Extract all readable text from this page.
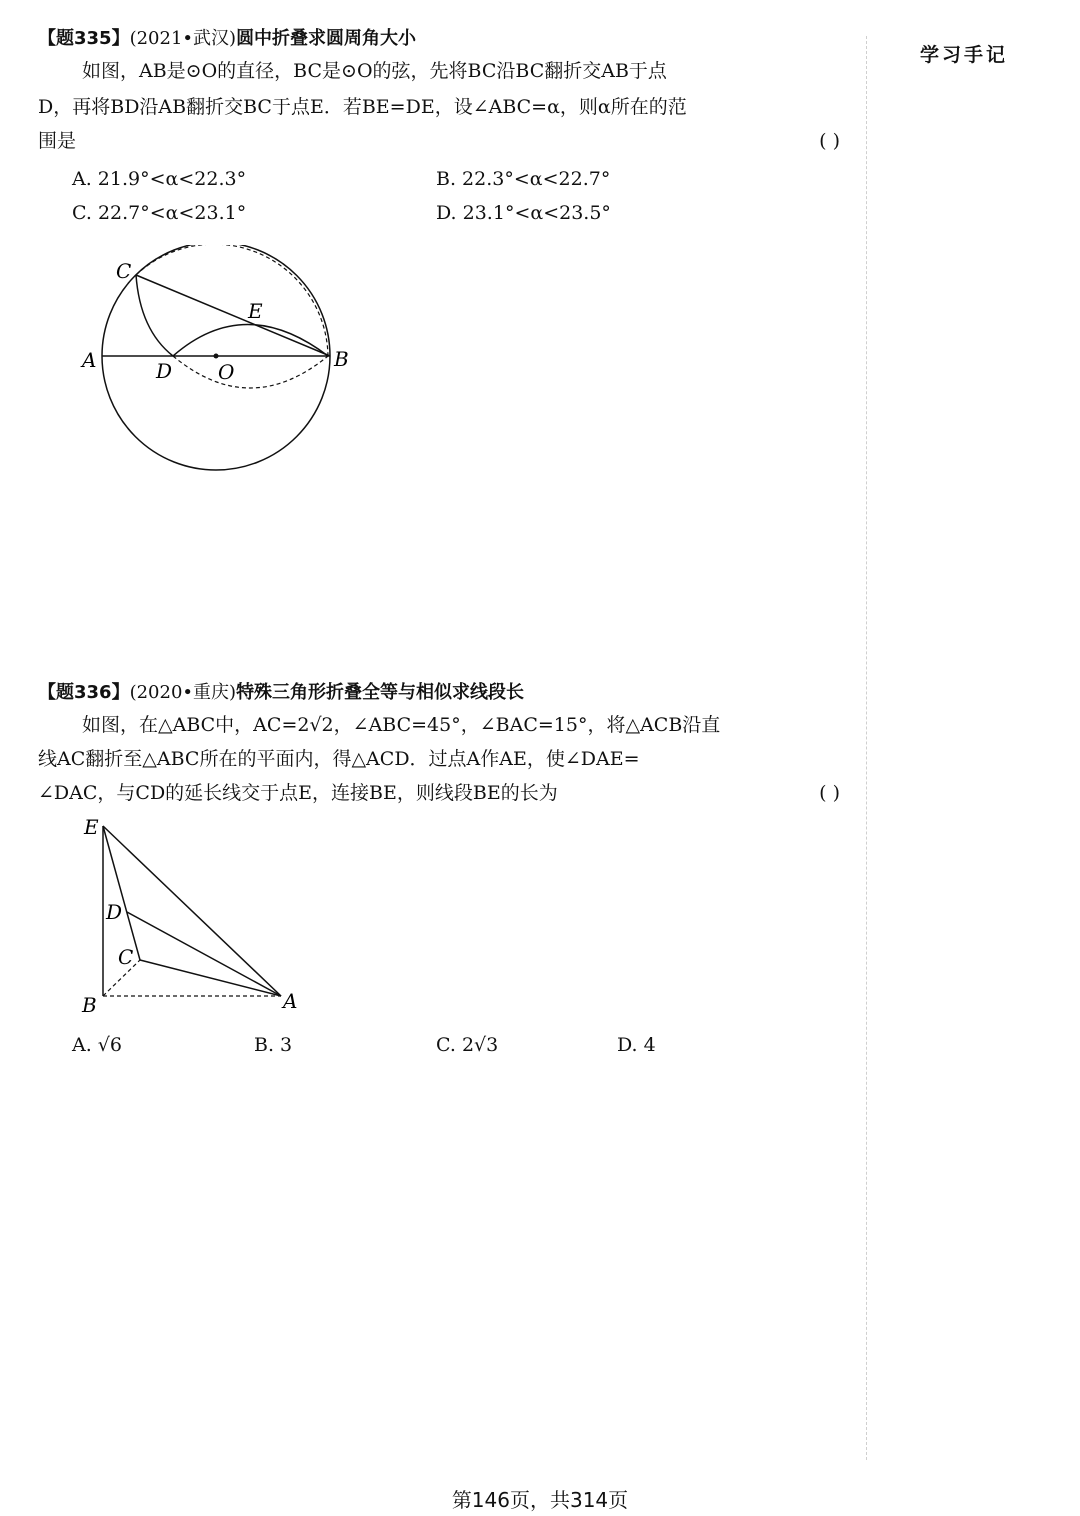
学习手记
【题335】(2021•武汉)圆中折叠求圆周角大小
如图，AB是⊙O的直径，BC是⊙O的弦，先将BC沿BC翻折交AB于点
D，再将BD沿AB翻折交BC于点E．若BE=DE，设∠ABC=α，则α所在的范
围是	( )
A. 21.9°<α<22.3°	B. 22.3°<α<22.7°
C. 22.7°<α<23.1°	D. 23.1°<α<23.5°
C
E
A	D O
B
【题336】(2020•重庆)特殊三角形折叠全等与相似求线段长
如图，在△ABC中，AC=2√2，∠ABC=45°，∠BAC=15°，将△ACB沿直
线AC翻折至△ABC所在的平面内，得△ACD．过点A作AE，使∠DAE=
∠DAC，与CD的延长线交于点E，连接BE，则线段BE的长为	( )
E
D
C
B	A
A. √6	B. 3	C. 2√3	D. 4
第146页，共314页
